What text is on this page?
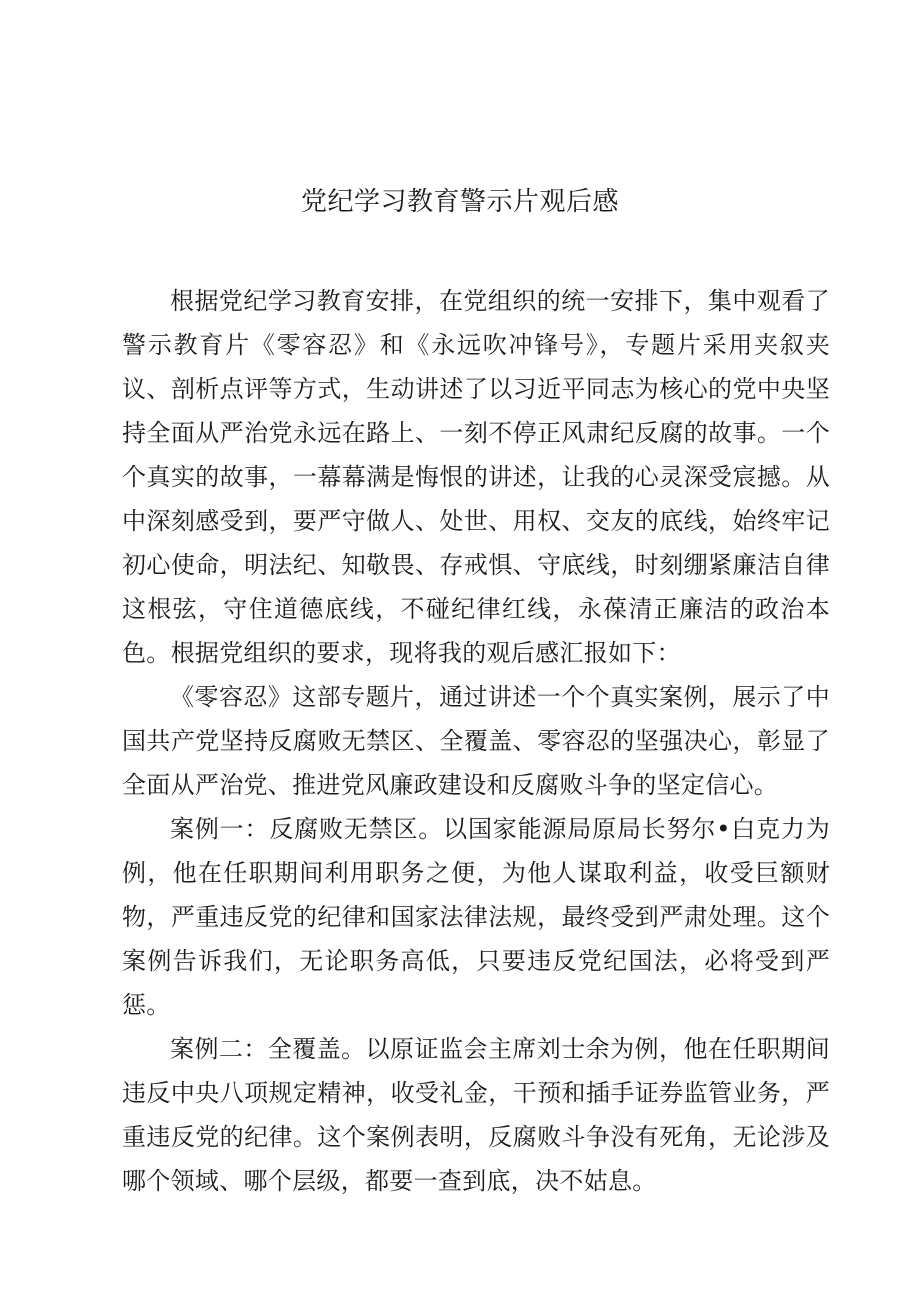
党纪学习教育警示片观后感

根据党纪学习教育安排，在党组织的统一安排下，集中观看了警示教育片《零容忍》和《永远吹冲锋号》，专题片采用夹叙夹议、剖析点评等方式，生动讲述了以习近平同志为核心的党中央坚持全面从严治党永远在路上、一刻不停正风肃纪反腐的故事。一个个真实的故事，一幕幕满是悔恨的讲述，让我的心灵深受宸撼。从中深刻感受到，要严守做人、处世、用权、交友的底线，始终牢记初心使命，明法纪、知敬畏、存戒惧、守底线，时刻绷紧廉洁自律这根弦，守住道德底线，不碰纪律红线，永葆清正廉洁的政治本色。根据党组织的要求，现将我的观后感汇报如下：

《零容忍》这部专题片，通过讲述一个个真实案例，展示了中国共产党坚持反腐败无禁区、全覆盖、零容忍的坚强决心，彰显了全面从严治党、推进党风廉政建设和反腐败斗争的坚定信心。

案例一：反腐败无禁区。以国家能源局原局长努尔•白克力为例，他在任职期间利用职务之便，为他人谋取利益，收受巨额财物，严重违反党的纪律和国家法律法规，最终受到严肃处理。这个案例告诉我们，无论职务高低，只要违反党纪国法，必将受到严惩。

案例二：全覆盖。以原证监会主席刘士余为例，他在任职期间违反中央八项规定精神，收受礼金，干预和插手证券监管业务，严重违反党的纪律。这个案例表明，反腐败斗争没有死角，无论涉及哪个领域、哪个层级，都要一查到底，决不姑息。
